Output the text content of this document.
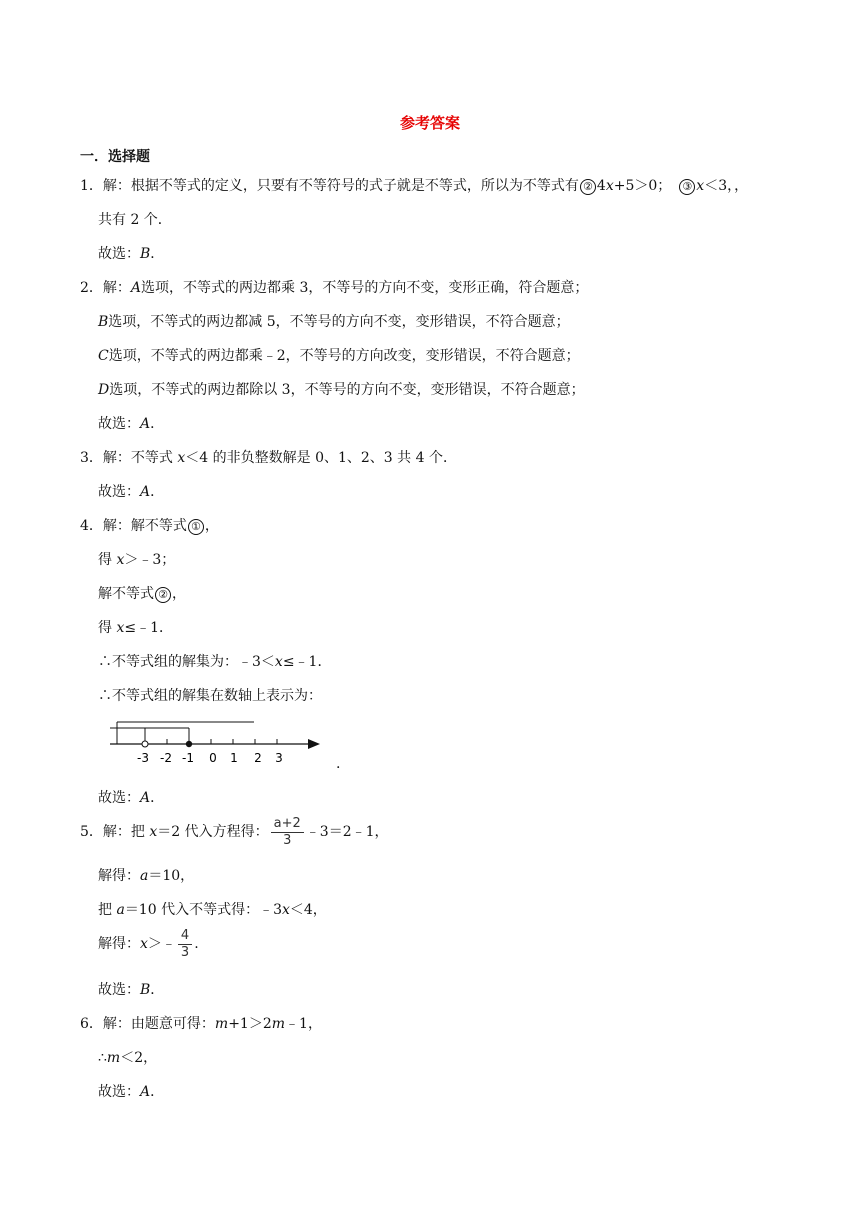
参考答案
一．选择题
1．解：根据不等式的定义，只要有不等符号的式子就是不等式，所以为不等式有 ② 4x+5＞0；　③ x＜3，，
共有 2 个．
故选：B．
2．解：A选项，不等式的两边都乘 3，不等号的方向不变，变形正确，符合题意；
B选项，不等式的两边都减 5，不等号的方向不变，变形错误，不符合题意；
C选项，不等式的两边都乘﹣2，不等号的方向改变，变形错误，不符合题意；
D选项，不等式的两边都除以 3，不等号的方向不变，变形错误，不符合题意；
故选：A．
3．解：不等式 x＜4 的非负整数解是 0、1、2、3 共 4 个．
故选：A．
4．解：解不等式 ① ，
得 x＞﹣3；
解不等式 ② ，
得 x≤﹣1．
∴不等式组的解集为：﹣3＜x≤﹣1．
∴不等式组的解集在数轴上表示为：
-3 -2 -1 0 1 2 3	.
故选：A．
5．解：把 x＝2 代入方程得： $\frac{a+2}{3}$ ﹣3＝2﹣1，
解得：a＝10，
把 a＝10 代入不等式得：﹣3x＜4，
解得：x＞﹣ $\frac{4}{3}$ .
故选：B．
6．解：由题意可得：m+1＞2m﹣1，
∴m＜2，
故选：A．
